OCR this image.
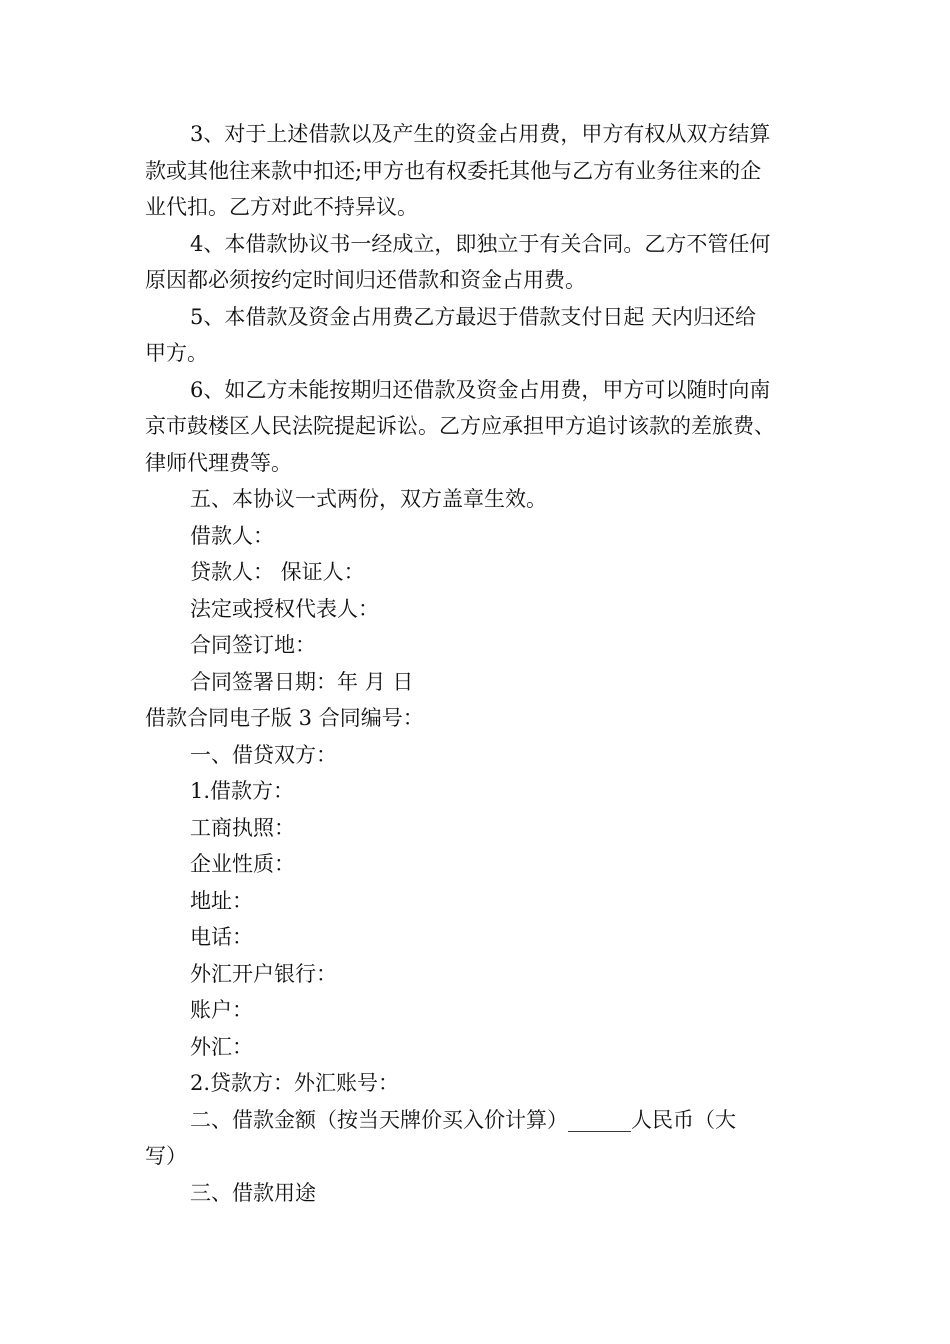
3、对于上述借款以及产生的资金占用费，甲方有权从双方结算
款或其他往来款中扣还;甲方也有权委托其他与乙方有业务往来的企
业代扣。乙方对此不持异议。
4、本借款协议书一经成立，即独立于有关合同。乙方不管任何
原因都必须按约定时间归还借款和资金占用费。
5、本借款及资金占用费乙方最迟于借款支付日起 天内归还给
甲方。
6、如乙方未能按期归还借款及资金占用费，甲方可以随时向南
京市鼓楼区人民法院提起诉讼。乙方应承担甲方追讨该款的差旅费、
律师代理费等。
五、本协议一式两份，双方盖章生效。
借款人：
贷款人： 保证人：
法定或授权代表人：
合同签订地：
合同签署日期：年 月 日
借款合同电子版 3 合同编号：
一、借贷双方：
1.借款方：
工商执照：
企业性质：
地址：
电话：
外汇开户银行：
账户：
外汇：
2.贷款方：外汇账号：
二、借款金额（按当天牌价买入价计算）______人民币（大
写）
三、借款用途
